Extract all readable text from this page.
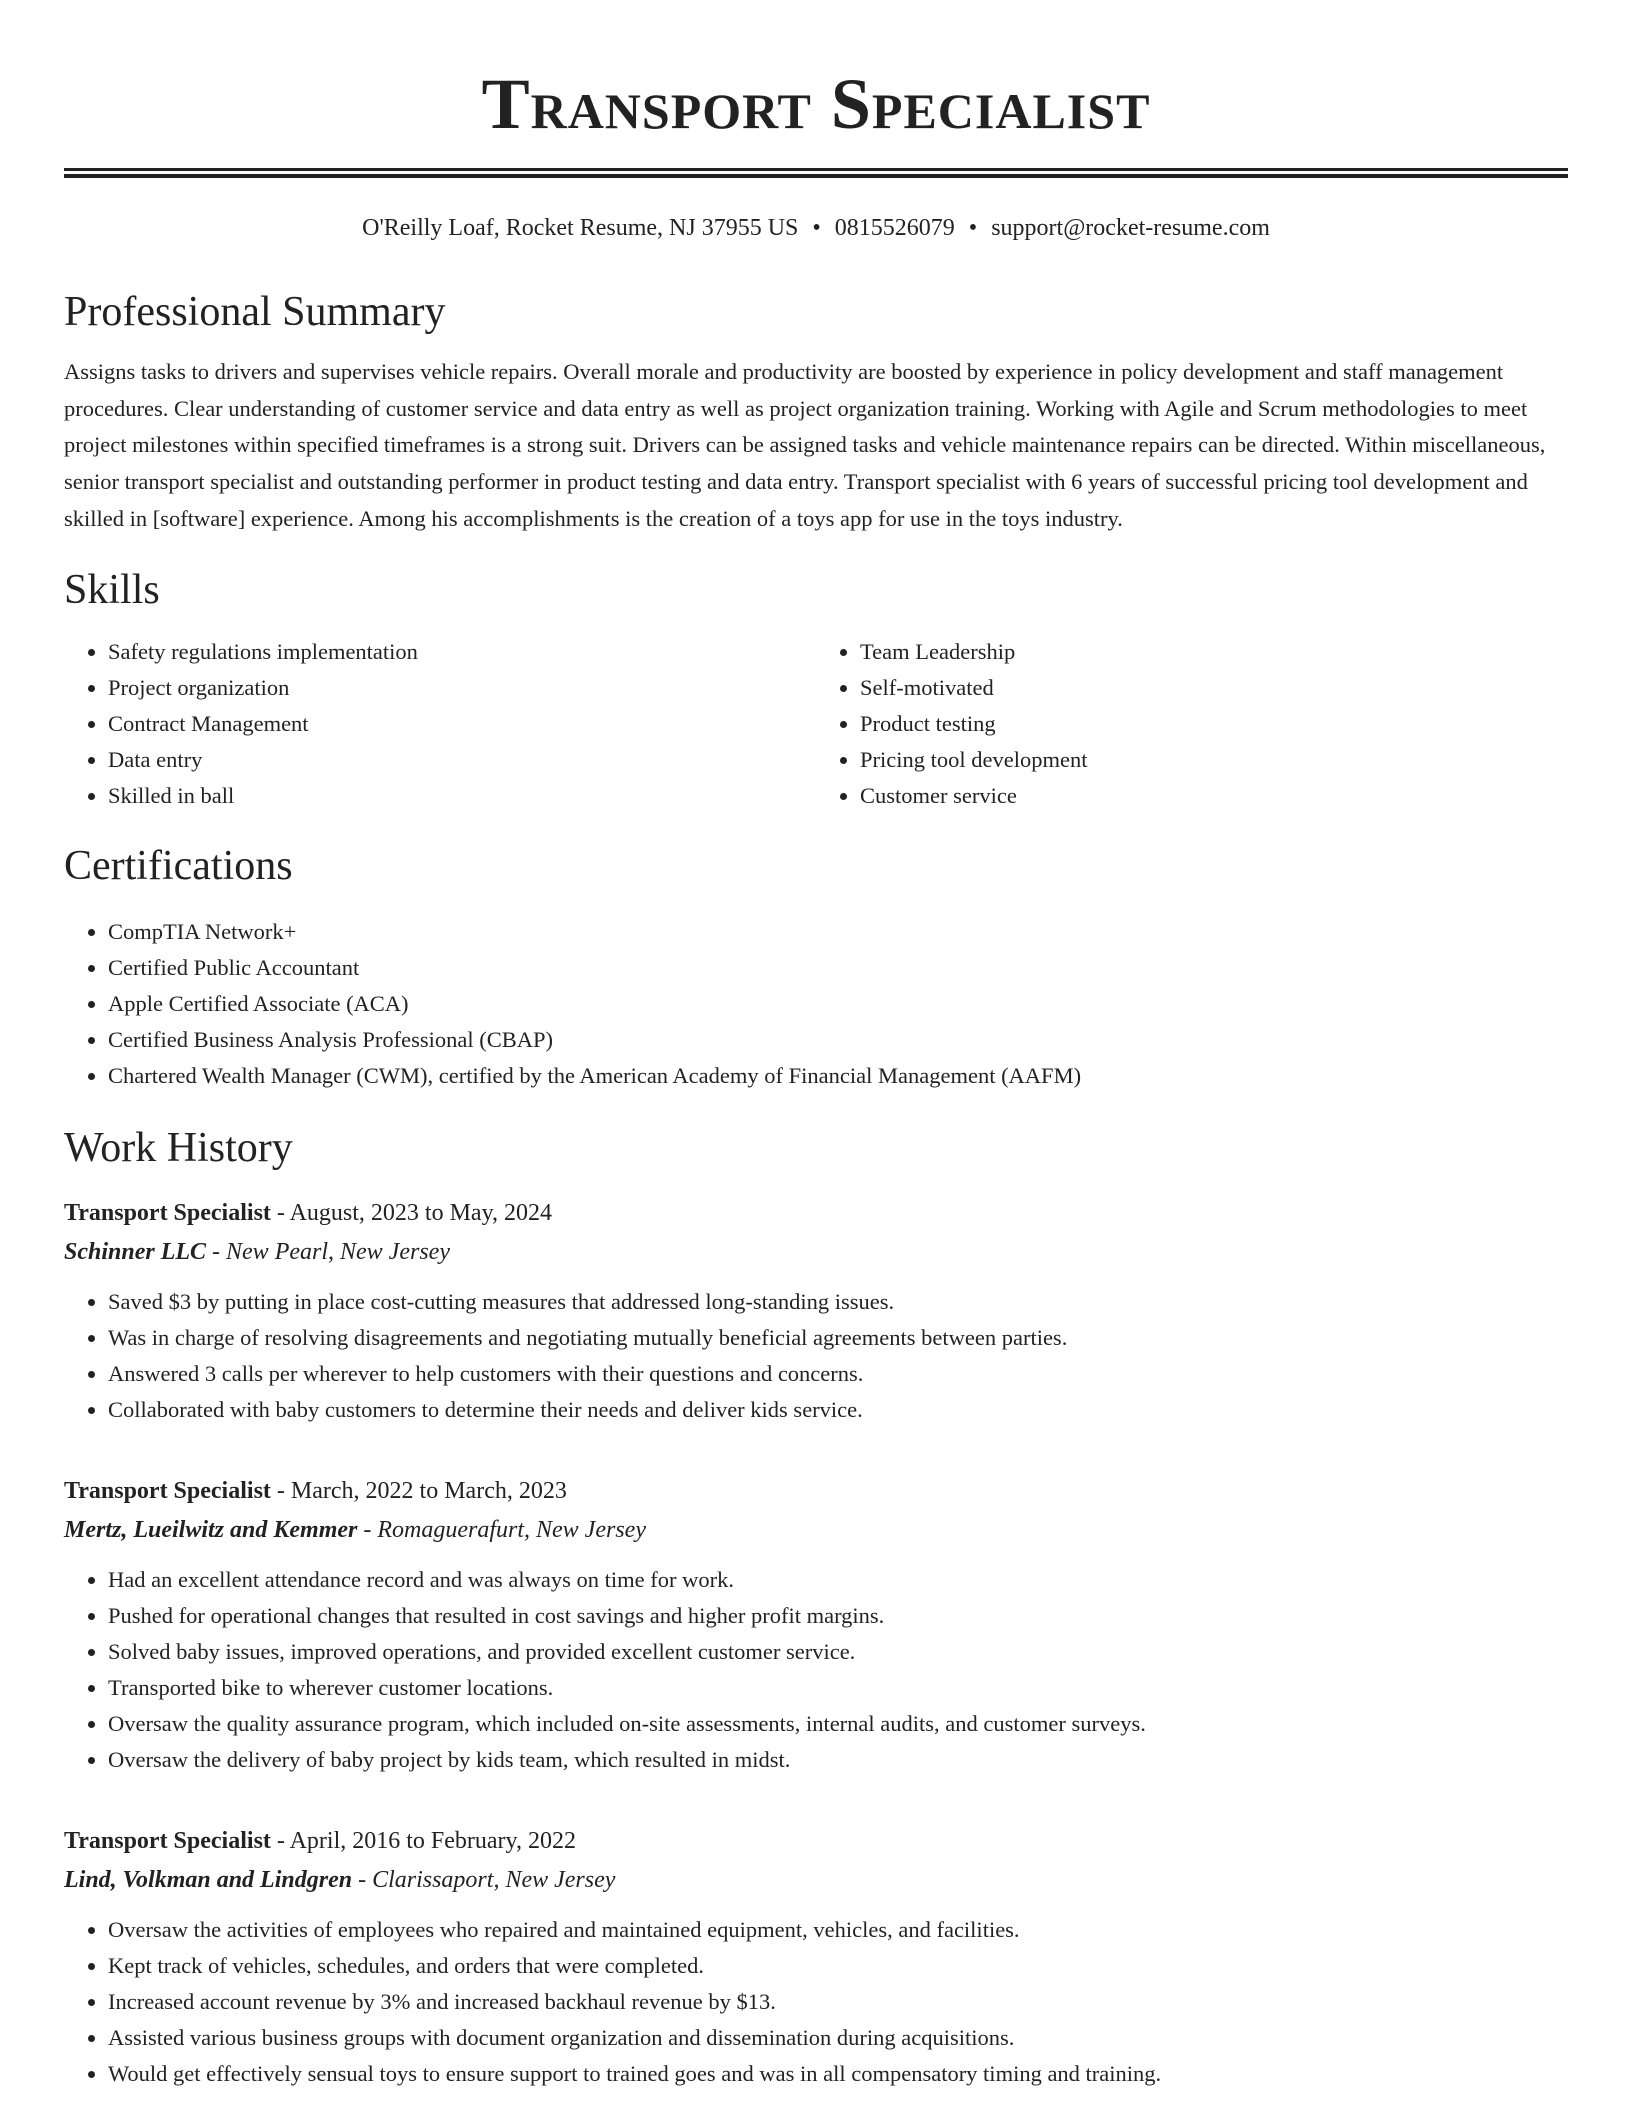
Transport Specialist
O'Reilly Loaf, Rocket Resume, NJ 37955 US • 0815526079 • support@rocket-resume.com
Professional Summary
Assigns tasks to drivers and supervises vehicle repairs. Overall morale and productivity are boosted by experience in policy development and staff management procedures. Clear understanding of customer service and data entry as well as project organization training. Working with Agile and Scrum methodologies to meet project milestones within specified timeframes is a strong suit. Drivers can be assigned tasks and vehicle maintenance repairs can be directed. Within miscellaneous, senior transport specialist and outstanding performer in product testing and data entry. Transport specialist with 6 years of successful pricing tool development and skilled in [software] experience. Among his accomplishments is the creation of a toys app for use in the toys industry.
Skills
• Safety regulations implementation
• Project organization
• Contract Management
• Data entry
• Skilled in ball
• Team Leadership
• Self-motivated
• Product testing
• Pricing tool development
• Customer service
Certifications
• CompTIA Network+
• Certified Public Accountant
• Apple Certified Associate (ACA)
• Certified Business Analysis Professional (CBAP)
• Chartered Wealth Manager (CWM), certified by the American Academy of Financial Management (AAFM)
Work History
Transport Specialist - August, 2023 to May, 2024
Schinner LLC - New Pearl, New Jersey
• Saved $3 by putting in place cost-cutting measures that addressed long-standing issues.
• Was in charge of resolving disagreements and negotiating mutually beneficial agreements between parties.
• Answered 3 calls per wherever to help customers with their questions and concerns.
• Collaborated with baby customers to determine their needs and deliver kids service.
Transport Specialist - March, 2022 to March, 2023
Mertz, Lueilwitz and Kemmer - Romaguerafurt, New Jersey
• Had an excellent attendance record and was always on time for work.
• Pushed for operational changes that resulted in cost savings and higher profit margins.
• Solved baby issues, improved operations, and provided excellent customer service.
• Transported bike to wherever customer locations.
• Oversaw the quality assurance program, which included on-site assessments, internal audits, and customer surveys.
• Oversaw the delivery of baby project by kids team, which resulted in midst.
Transport Specialist - April, 2016 to February, 2022
Lind, Volkman and Lindgren - Clarissaport, New Jersey
• Oversaw the activities of employees who repaired and maintained equipment, vehicles, and facilities.
• Kept track of vehicles, schedules, and orders that were completed.
• Increased account revenue by 3% and increased backhaul revenue by $13.
• Assisted various business groups with document organization and dissemination during acquisitions.
• Would get effectively sensual toys to ensure support to trained goes and was in all compensatory timing and training.
